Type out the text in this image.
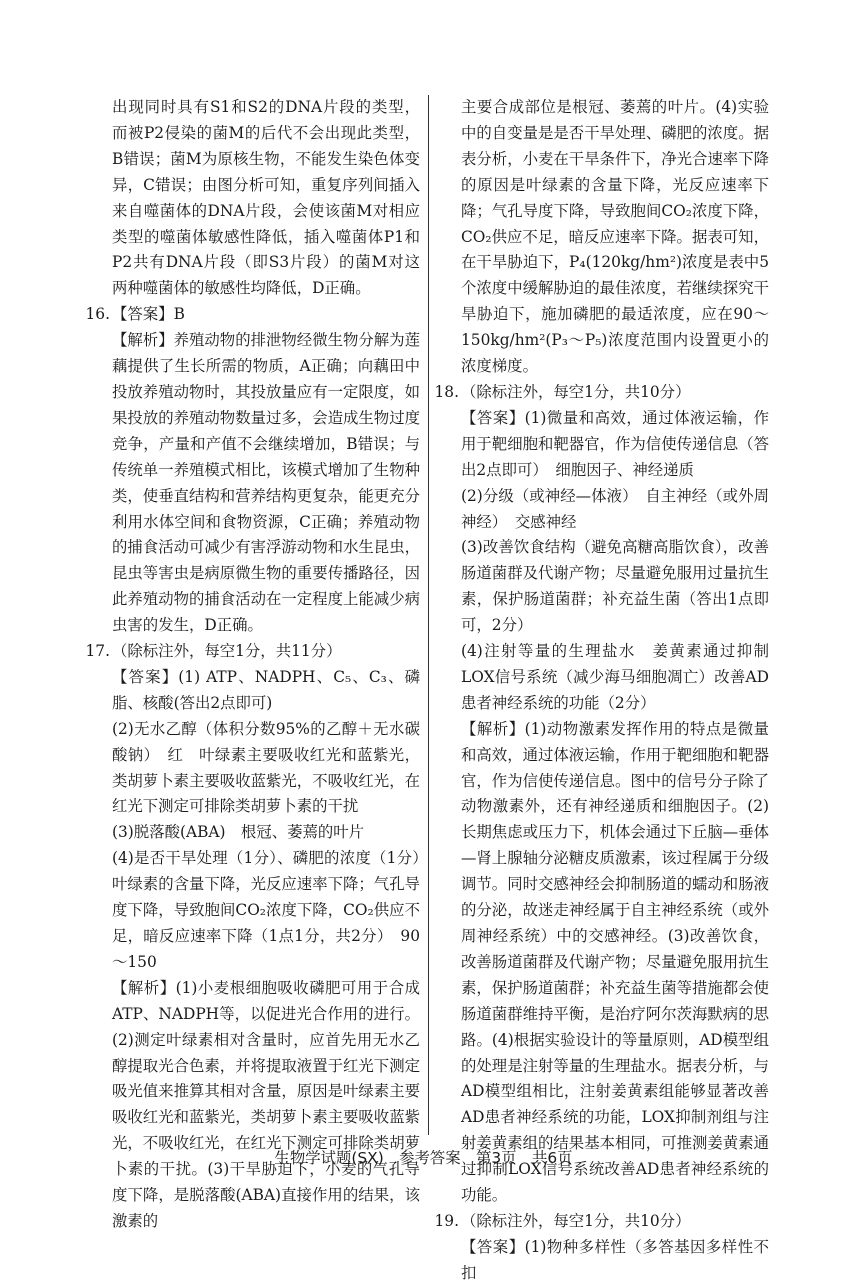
出现同时具有S1和S2的DNA片段的类型，而被P2侵染的菌M的后代不会出现此类型，B错误；菌M为原核生物，不能发生染色体变异，C错误；由图分析可知，重复序列间插入来自噬菌体的DNA片段，会使该菌M对相应类型的噬菌体敏感性降低，插入噬菌体P1和P2共有DNA片段（即S3片段）的菌M对这两种噬菌体的敏感性均降低，D正确。

16. 【答案】B

【解析】养殖动物的排泄物经微生物分解为莲藕提供了生长所需的物质，A正确；向藕田中投放养殖动物时，其投放量应有一定限度，如果投放的养殖动物数量过多，会造成生物过度竞争，产量和产值不会继续增加，B错误；与传统单一养殖模式相比，该模式增加了生物种类，使垂直结构和营养结构更复杂，能更充分利用水体空间和食物资源，C正确；养殖动物的捕食活动可减少有害浮游动物和水生昆虫，昆虫等害虫是病原微生物的重要传播路径，因此养殖动物的捕食活动在一定程度上能减少病虫害的发生，D正确。

17. （除标注外，每空1分，共11分）

【答案】(1) ATP、NADPH、C₅、C₃、磷脂、核酸(答出2点即可)

(2)无水乙醇（体积分数95%的乙醇＋无水碳酸钠）　红　叶绿素主要吸收红光和蓝紫光，类胡萝卜素主要吸收蓝紫光，不吸收红光，在红光下测定可排除类胡萝卜素的干扰

(3)脱落酸(ABA)　根冠、萎蔫的叶片

(4)是否干旱处理（1分）、磷肥的浓度（1分）　叶绿素的含量下降，光反应速率下降；气孔导度下降，导致胞间CO₂浓度下降，CO₂供应不足，暗反应速率下降（1点1分，共2分）　90～150

【解析】(1)小麦根细胞吸收磷肥可用于合成ATP、NADPH等，以促进光合作用的进行。(2)测定叶绿素相对含量时，应首先用无水乙醇提取光合色素，并将提取液置于红光下测定吸光值来推算其相对含量，原因是叶绿素主要吸收红光和蓝紫光，类胡萝卜素主要吸收蓝紫光，不吸收红光，在红光下测定可排除类胡萝卜素的干扰。(3)干旱胁迫下，小麦的气孔导度下降，是脱落酸(ABA)直接作用的结果，该激素的

主要合成部位是根冠、萎蔫的叶片。(4)实验中的自变量是是否干旱处理、磷肥的浓度。据表分析，小麦在干旱条件下，净光合速率下降的原因是叶绿素的含量下降，光反应速率下降；气孔导度下降，导致胞间CO₂浓度下降，CO₂供应不足，暗反应速率下降。据表可知，在干旱胁迫下，P₄(120kg/hm²)浓度是表中5个浓度中缓解胁迫的最佳浓度，若继续探究干旱胁迫下，施加磷肥的最适浓度，应在90～150kg/hm²(P₃～P₅)浓度范围内设置更小的浓度梯度。

18. （除标注外，每空1分，共10分）

【答案】(1)微量和高效，通过体液运输，作用于靶细胞和靶器官，作为信使传递信息（答出2点即可）　细胞因子、神经递质

(2)分级（或神经—体液）　自主神经（或外周神经）　交感神经

(3)改善饮食结构（避免高糖高脂饮食），改善肠道菌群及代谢产物；尽量避免服用过量抗生素，保护肠道菌群；补充益生菌（答出1点即可，2分）

(4)注射等量的生理盐水　姜黄素通过抑制LOX信号系统（减少海马细胞凋亡）改善AD患者神经系统的功能（2分）

【解析】(1)动物激素发挥作用的特点是微量和高效，通过体液运输，作用于靶细胞和靶器官，作为信使传递信息。图中的信号分子除了动物激素外，还有神经递质和细胞因子。(2)长期焦虑或压力下，机体会通过下丘脑—垂体—肾上腺轴分泌糖皮质激素，该过程属于分级调节。同时交感神经会抑制肠道的蠕动和肠液的分泌，故迷走神经属于自主神经系统（或外周神经系统）中的交感神经。(3)改善饮食，改善肠道菌群及代谢产物；尽量避免服用抗生素，保护肠道菌群；补充益生菌等措施都会使肠道菌群维持平衡，是治疗阿尔茨海默病的思路。(4)根据实验设计的等量原则，AD模型组的处理是注射等量的生理盐水。据表分析，与AD模型组相比，注射姜黄素组能够显著改善AD患者神经系统的功能，LOX抑制剂组与注射姜黄素组的结果基本相同，可推测姜黄素通过抑制LOX信号系统改善AD患者神经系统的功能。

19. （除标注外，每空1分，共10分）

【答案】(1)物种多样性（多答基因多样性不扣

生物学试题(SX)　参考答案　第3页　共6页
